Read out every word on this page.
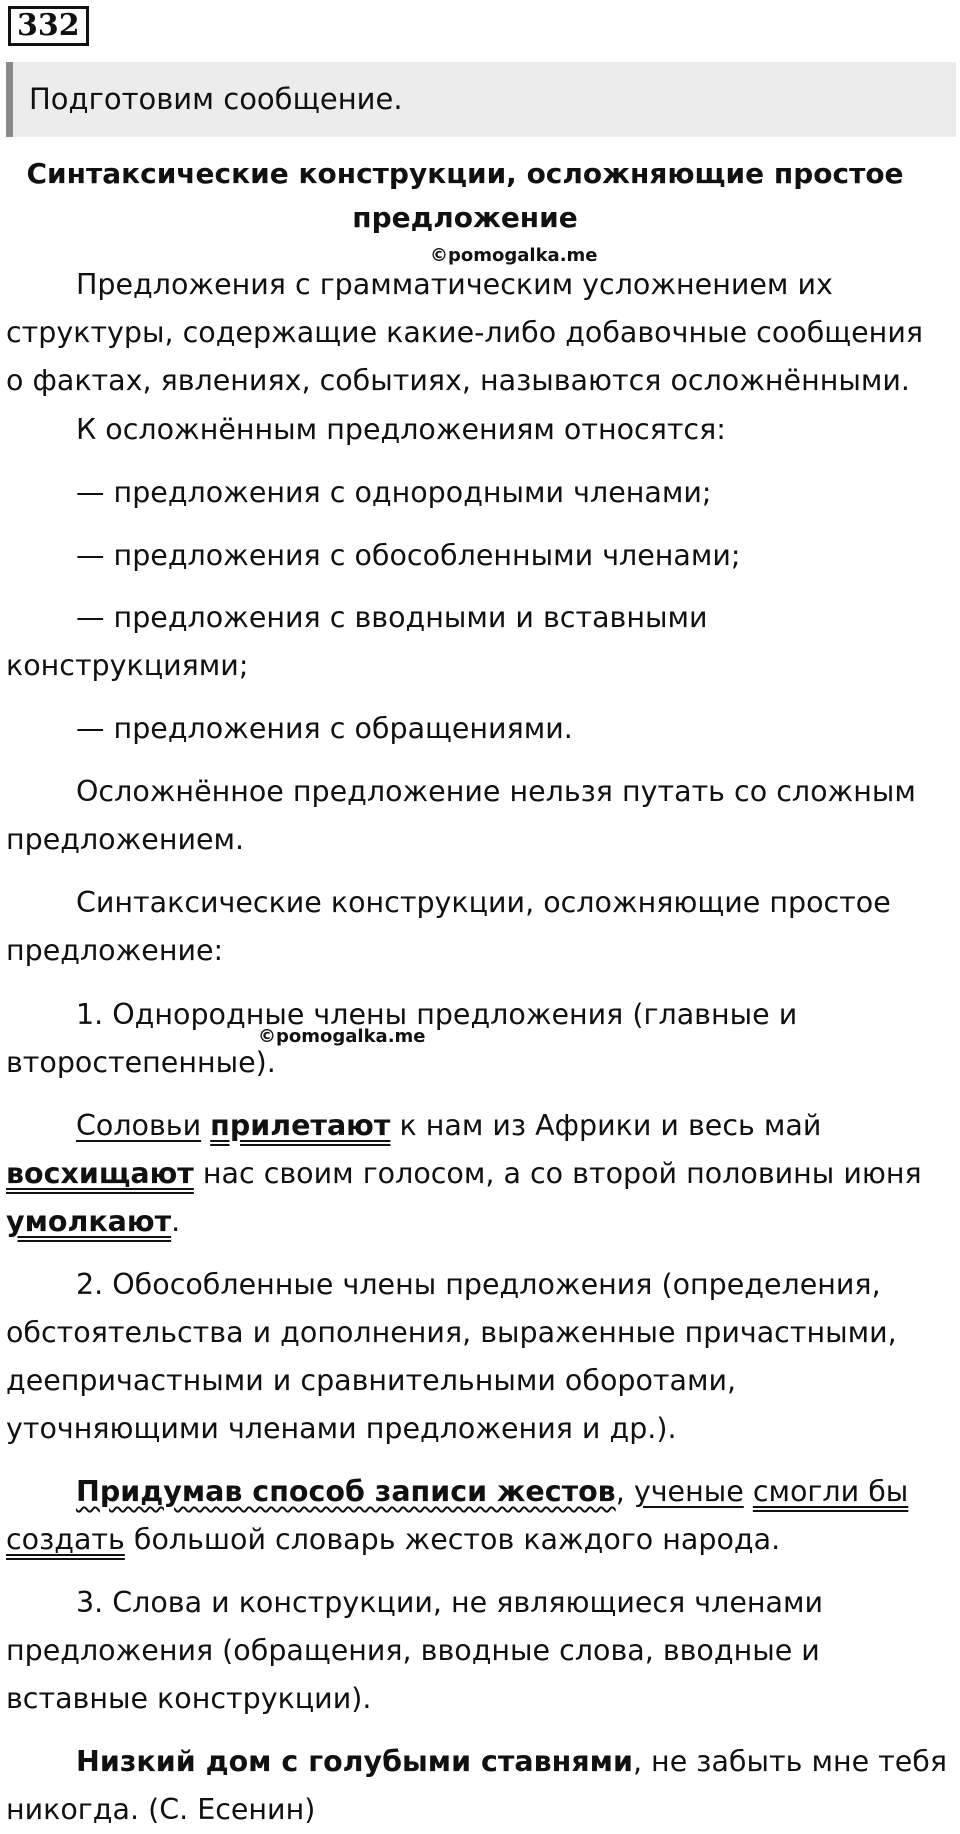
332
Подготовим сообщение.
Синтаксические конструкции, осложняющие простое
предложение
©pomogalka.me
Предложения с грамматическим усложнением их
структуры, содержащие какие-либо добавочные сообщения
о фактах, явлениях, событиях, называются осложнёнными.
К осложнённым предложениям относятся:
— предложения с однородными членами;
— предложения с обособленными членами;
— предложения с вводными и вставными
конструкциями;
— предложения с обращениями.
Осложнённое предложение нельзя путать со сложным
предложением.
Синтаксические конструкции, осложняющие простое
предложение:
1. Однородные члены предложения (главные и
второстепенные).
©pomogalka.me
Соловьи прилетают к нам из Африки и весь май
восхищают нас своим голосом, а со второй половины июня
умолкают.
2. Обособленные члены предложения (определения,
обстоятельства и дополнения, выраженные причастными,
деепричастными и сравнительными оборотами,
уточняющими членами предложения и др.).
Придумав способ записи жестов, ученые смогли бы
создать большой словарь жестов каждого народа.
3. Слова и конструкции, не являющиеся членами
предложения (обращения, вводные слова, вводные и
вставные конструкции).
Низкий дом с голубыми ставнями, не забыть мне тебя
никогда. (С. Есенин)
